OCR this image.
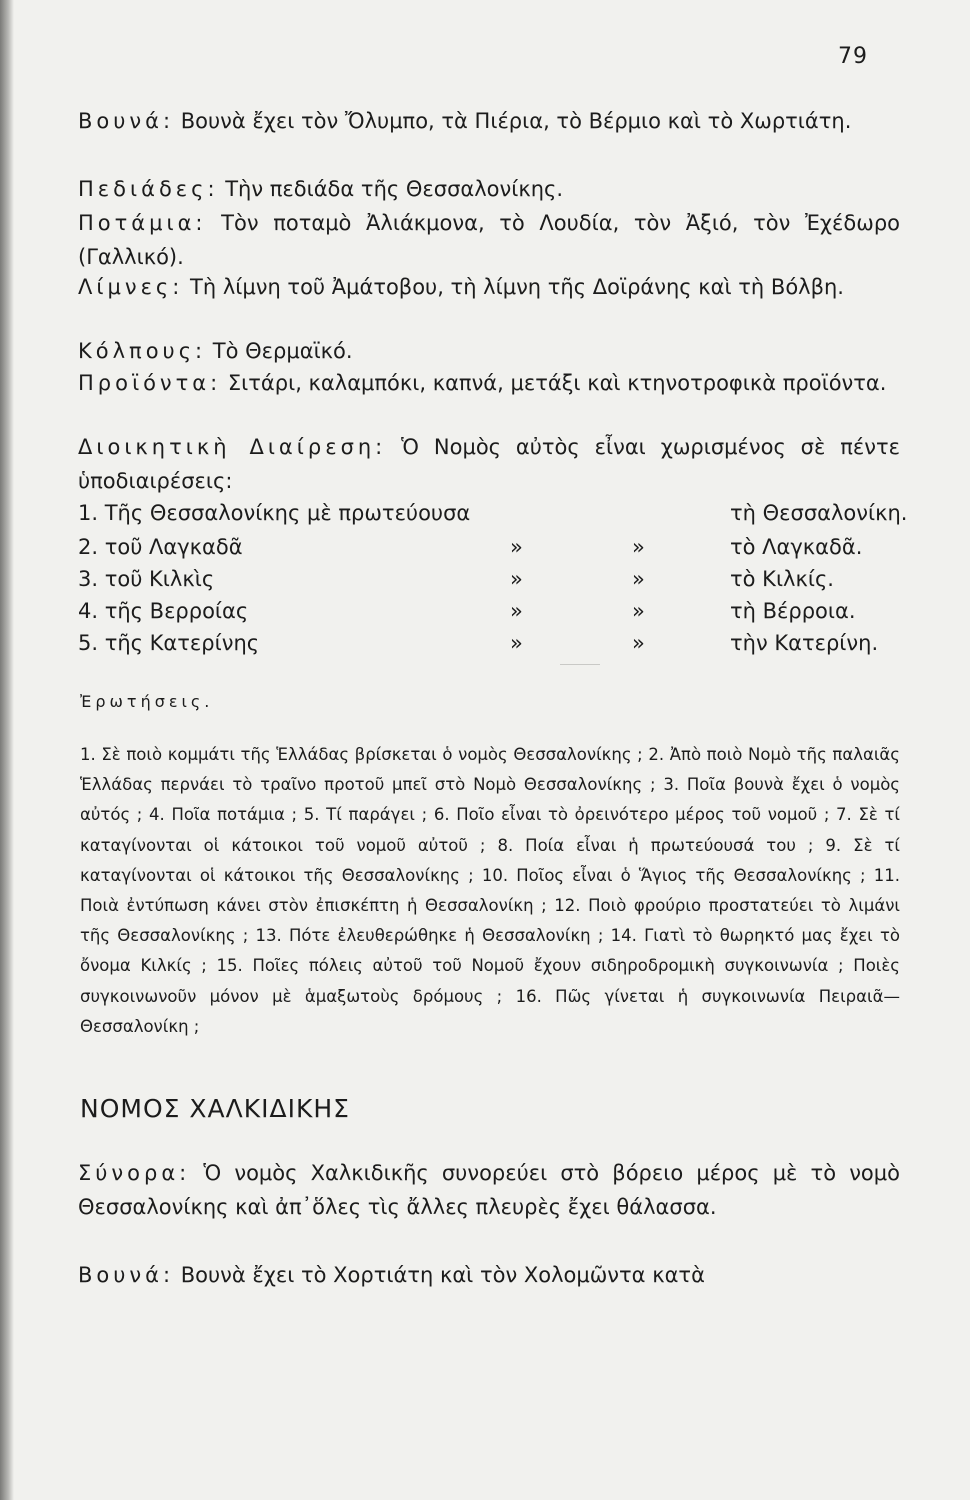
79

Βουνά: Βουνὰ ἔχει τὸν Ὄλυμπο, τὰ Πιέρια, τὸ Βέρμιο καὶ τὸ Χωρτιάτη.

Πεδιάδες: Τὴν πεδιάδα τῆς Θεσσαλονίκης.

Ποτάμια: Τὸν ποταμὸ Ἀλιάκμονα, τὸ Λουδία, τὸν Ἀξιό, τὸν Ἐχέδωρο (Γαλλικό).

Λίμνες: Τὴ λίμνη τοῦ Ἀμάτοβου, τὴ λίμνη τῆς Δοϊράνης καὶ τὴ Βόλβη.

Κόλπους: Τὸ Θερμαϊκό.

Προϊόντα: Σιτάρι, καλαμπόκι, καπνά, μετάξι καὶ κτηνοτροφικὰ προϊόντα.

Διοικητικὴ Διαίρεση: Ὁ Νομὸς αὐτὸς εἶναι χωρισμένος σὲ πέντε ὑποδιαιρέσεις:

1. Τῆς Θεσσαλονίκης μὲ πρωτεύουσα	τὴ Θεσσαλονίκη.
2. τοῦ Λαγκαδᾶ	»	»	τὸ Λαγκαδᾶ.
3. τοῦ Κιλκὶς	»	»	τὸ Κιλκίς.
4. τῆς Βερροίας	»	»	τὴ Βέρροια.
5. τῆς Κατερίνης	»	»	τὴν Κατερίνη.
Ἐρωτήσεις.

1. Σὲ ποιὸ κομμάτι τῆς Ἑλλάδας βρίσκεται ὁ νομὸς Θεσσαλονίκης ; 2. Ἀπὸ ποιὸ Νομὸ τῆς παλαιᾶς Ἑλλάδας περνάει τὸ τραῖνο προτοῦ μπεῖ στὸ Νομὸ Θεσσαλονίκης ; 3. Ποῖα βουνὰ ἔχει ὁ νομὸς αὐτός ; 4. Ποῖα ποτάμια ; 5. Τί παράγει ; 6. Ποῖο εἶναι τὸ ὀρεινότερο μέρος τοῦ νομοῦ ; 7. Σὲ τί καταγίνονται οἱ κάτοικοι τοῦ νομοῦ αὐτοῦ ; 8. Ποία εἶναι ἡ πρωτεύουσά του ; 9. Σὲ τί καταγίνονται οἱ κάτοικοι τῆς Θεσσαλονίκης ; 10. Ποῖος εἶναι ὁ Ἅγιος τῆς Θεσσαλονίκης ; 11. Ποιὰ ἐντύπωση κάνει στὸν ἐπισκέπτη ἡ Θεσσαλονίκη ; 12. Ποιὸ φρούριο προστατεύει τὸ λιμάνι τῆς Θεσσαλονίκης ; 13. Πότε ἐλευθερώθηκε ἡ Θεσσαλονίκη ; 14. Γιατὶ τὸ θωρηκτό μας ἔχει τὸ ὄνομα Κιλκίς ; 15. Ποῖες πόλεις αὐτοῦ τοῦ Νομοῦ ἔχουν σιδηροδρομικὴ συγκοινωνία ; Ποιὲς συγκοινωνοῦν μόνον μὲ ἁμαξωτοὺς δρόμους ; 16. Πῶς γίνεται ἡ συγκοινωνία Πειραιᾶ—Θεσσαλονίκη ;

ΝΟΜΟΣ ΧΑΛΚΙΔΙΚΗΣ

Σύνορα: Ὁ νομὸς Χαλκιδικῆς συνορεύει στὸ βόρειο μέρος μὲ τὸ νομὸ Θεσσαλονίκης καὶ ἀπ᾽ὅλες τὶς ἄλλες πλευρὲς ἔχει θάλασσα.

Βουνά: Βουνὰ ἔχει τὸ Χορτιάτη καὶ τὸν Χολομῶντα κατὰ
